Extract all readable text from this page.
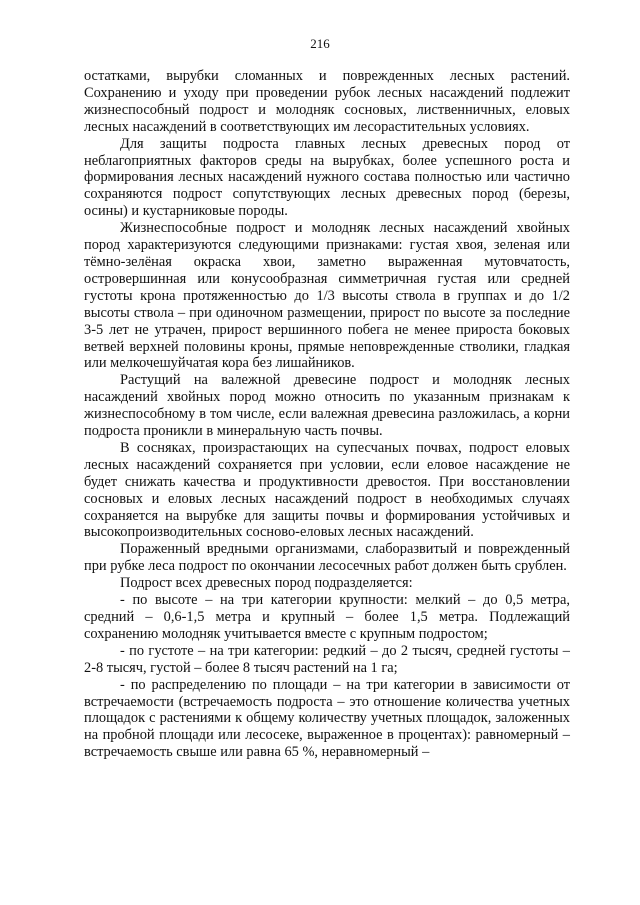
216

остатками, вырубки сломанных и поврежденных лесных растений. Сохранению и уходу при проведении рубок лесных насаждений подлежит жизнеспособный подрост и молодняк сосновых, лиственничных, еловых лесных насаждений в соответствующих им лесорастительных условиях.

Для защиты подроста главных лесных древесных пород от неблагоприятных факторов среды на вырубках, более успешного роста и формирования лесных насаждений нужного состава полностью или частично сохраняются подрост сопутствующих лесных древесных пород (березы, осины) и кустарниковые породы.

Жизнеспособные подрост и молодняк лесных насаждений хвойных пород характеризуются следующими признаками: густая хвоя, зеленая или тёмно-зелёная окраска хвои, заметно выраженная мутовчатость, островершинная или конусообразная симметричная густая или средней густоты крона протяженностью до 1/3 высоты ствола в группах и до 1/2 высоты ствола – при одиночном размещении, прирост по высоте за последние 3-5 лет не утрачен, прирост вершинного побега не менее прироста боковых ветвей верхней половины кроны, прямые неповрежденные стволики, гладкая или мелкочешуйчатая кора без лишайников.

Растущий на валежной древесине подрост и молодняк лесных насаждений хвойных пород можно относить по указанным признакам к жизнеспособному в том числе, если валежная древесина разложилась, а корни подроста проникли в минеральную часть почвы.

В сосняках, произрастающих на супесчаных почвах, подрост еловых лесных насаждений сохраняется при условии, если еловое насаждение не будет снижать качества и продуктивности древостоя. При восстановлении сосновых и еловых лесных насаждений подрост в необходимых случаях сохраняется на вырубке для защиты почвы и формирования устойчивых и высокопроизводительных сосново-еловых лесных насаждений.

Пораженный вредными организмами, слаборазвитый и поврежденный при рубке леса подрост по окончании лесосечных работ должен быть срублен.

Подрост всех древесных пород подразделяется:

- по высоте – на три категории крупности: мелкий – до 0,5 метра, средний – 0,6-1,5 метра и крупный – более 1,5 метра. Подлежащий сохранению молодняк учитывается вместе с крупным подростом;

- по густоте – на три категории: редкий – до 2 тысяч, средней густоты – 2-8 тысяч, густой – более 8 тысяч растений на 1 га;

- по распределению по площади – на три категории в зависимости от встречаемости (встречаемость подроста – это отношение количества учетных площадок с растениями к общему количеству учетных площадок, заложенных на пробной площади или лесосеке, выраженное в процентах): равномерный – встречаемость свыше или равна 65 %, неравномерный –
